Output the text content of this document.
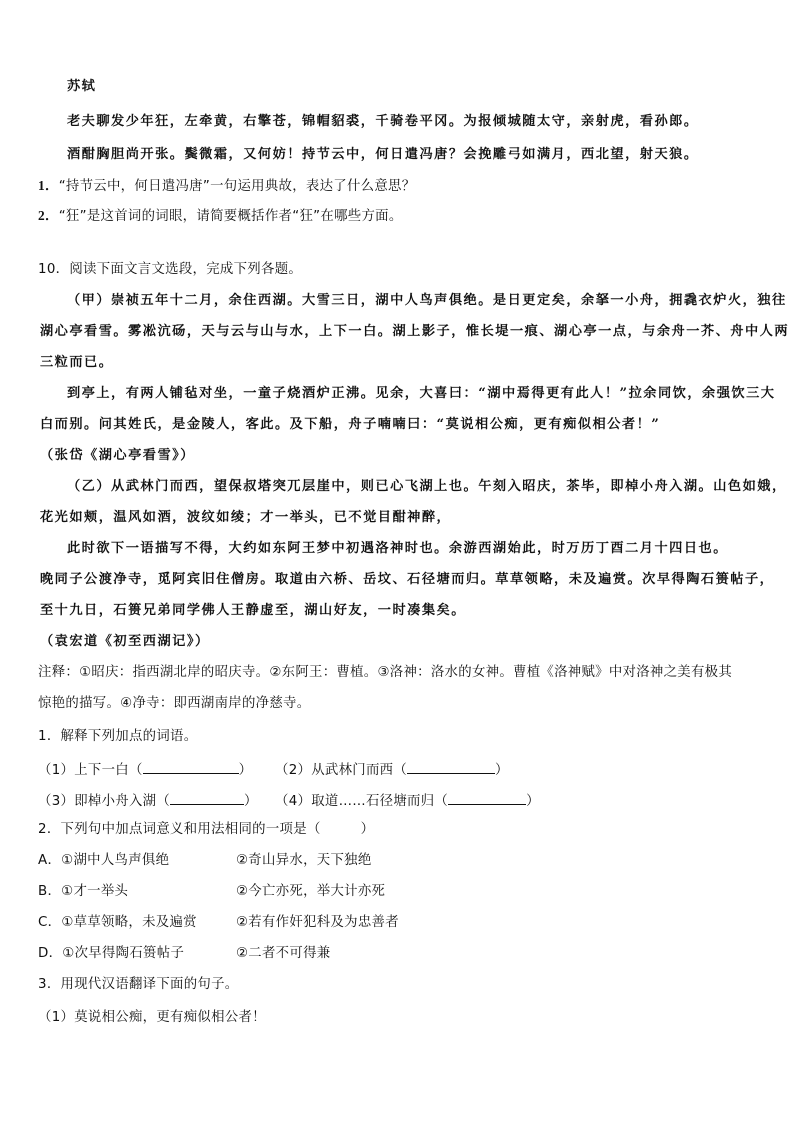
苏轼
老夫聊发少年狂，左牵黄，右擎苍，锦帽貂裘，千骑卷平冈。为报倾城随太守，亲射虎，看孙郎。
酒酣胸胆尚开张。鬓微霜，又何妨！持节云中，何日遣冯唐？会挽雕弓如满月，西北望，射天狼。
1．“持节云中，何日遣冯唐”一句运用典故，表达了什么意思？
2．“狂”是这首词的词眼，请简要概括作者“狂”在哪些方面。
10．阅读下面文言文选段，完成下列各题。
（甲）崇祯五年十二月，余住西湖。大雪三日，湖中人鸟声俱绝。是日更定矣，余拏一小舟，拥毳衣炉火，独往
湖心亭看雪。雾凇沆砀，天与云与山与水，上下一白。湖上影子，惟长堤一痕、湖心亭一点，与余舟一芥、舟中人两
三粒而已。
到亭上，有两人铺毡对坐，一童子烧酒炉正沸。见余，大喜曰：“湖中焉得更有此人！”拉余同饮，余强饮三大
白而别。问其姓氏，是金陵人，客此。及下船，舟子喃喃曰：“莫说相公痴，更有痴似相公者！”
（张岱《湖心亭看雪》）
（乙）从武林门而西，望保叔塔突兀层崖中，则已心飞湖上也。午刻入昭庆，茶毕，即棹小舟入湖。山色如娥，
花光如颊，温风如酒，波纹如绫；才一举头，已不觉目酣神醉，
此时欲下一语描写不得，大约如东阿王梦中初遇洛神时也。余游西湖始此，时万历丁酉二月十四日也。
晚同子公渡净寺，觅阿宾旧住僧房。取道由六桥、岳坟、石径塘而归。草草领略，未及遍赏。次早得陶石篑帖子，
至十九日，石篑兄弟同学佛人王静虚至，湖山好友，一时凑集矣。
（袁宏道《初至西湖记》）
注释：①昭庆：指西湖北岸的昭庆寺。②东阿王：曹植。③洛神：洛水的女神。曹植《洛神赋》中对洛神之美有极其
惊艳的描写。④净寺：即西湖南岸的净慈寺。
1．解释下列加点的词语。
（1）上下一白（	） （2）从武林门而西（	）
（3）即棹小舟入湖（	） （4）取道……石径塘而归（	）
2．下列句中加点词意义和用法相同的一项是（	）
A．①湖中人鸟声俱绝	②奇山异水，天下独绝
B．①才一举头	②今亡亦死，举大计亦死
C．①草草领略，未及遍赏	②若有作奸犯科及为忠善者
D．①次早得陶石篑帖子	②二者不可得兼
3．用现代汉语翻译下面的句子。
（1）莫说相公痴，更有痴似相公者！
